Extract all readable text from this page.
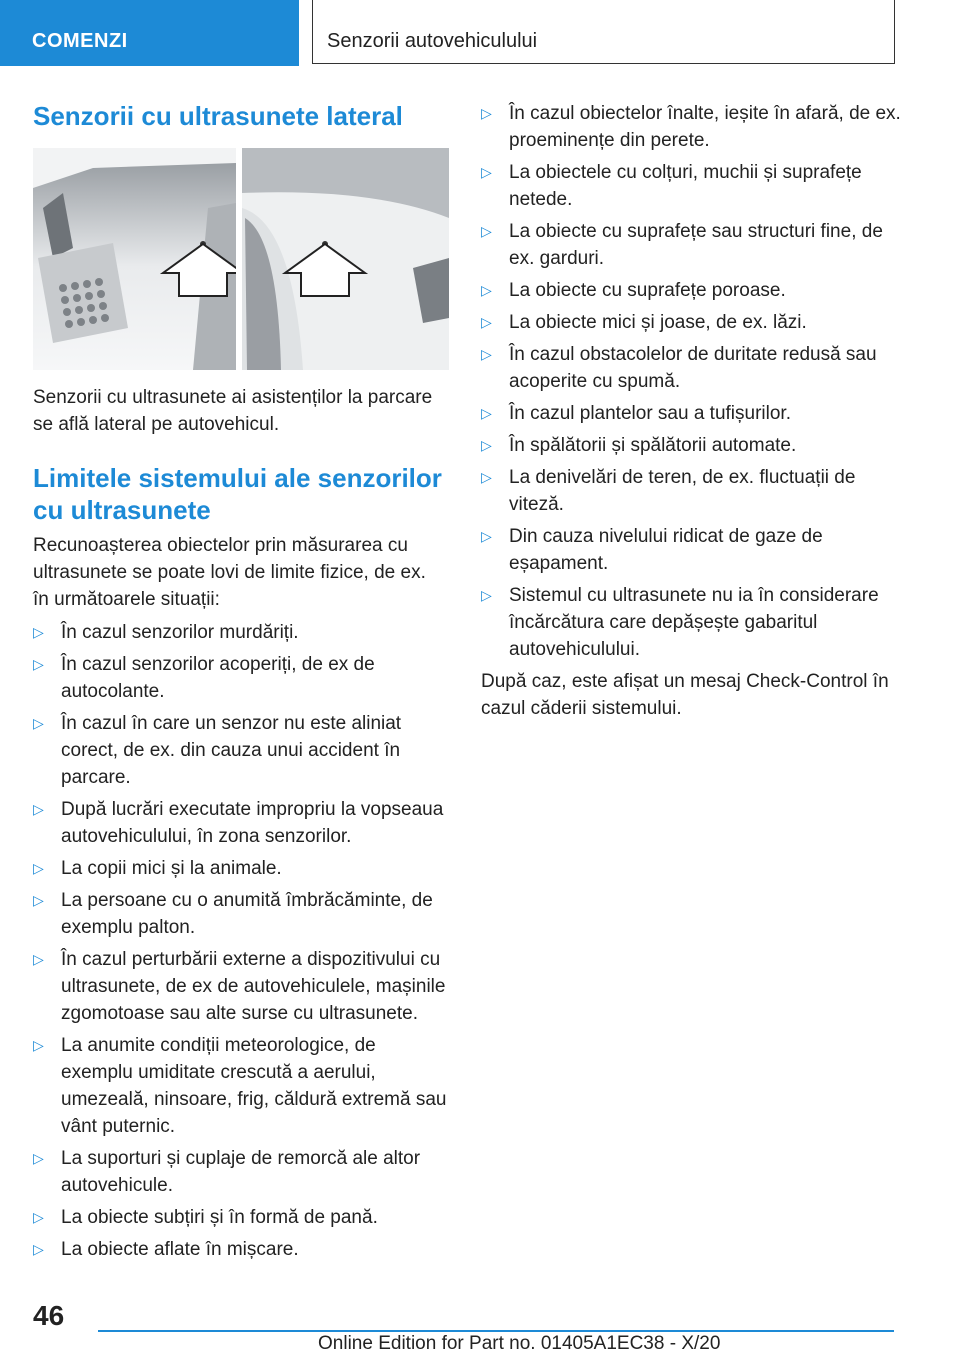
COMENZI	Senzorii autovehiculului
Senzorii cu ultrasunete lateral

Senzorii cu ultrasunete ai asistenților la parcare se află lateral pe autovehicul.

Limitele sistemului ale senzorilor cu ultrasunete

Recunoașterea obiectelor prin măsurarea cu ultrasunete se poate lovi de limite fizice, de ex. în următoarele situații:

▷ În cazul senzorilor murdăriți.
▷ În cazul senzorilor acoperiți, de ex de autocolante.
▷ În cazul în care un senzor nu este aliniat corect, de ex. din cauza unui accident în parcare.
▷ După lucrări executate impropriu la vopseaua autovehiculului, în zona senzorilor.
▷ La copii mici și la animale.
▷ La persoane cu o anumită îmbrăcăminte, de exemplu palton.
▷ În cazul perturbării externe a dispozitivului cu ultrasunete, de ex de autovehiculele, mașinile zgomotoase sau alte surse cu ultrasunete.
▷ La anumite condiții meteorologice, de exemplu umiditate crescută a aerului, umezeală, ninsoare, frig, căldură extremă sau vânt puternic.
▷ La suporturi și cuplaje de remorcă ale altor autovehicule.
▷ La obiecte subțiri și în formă de pană.
▷ La obiecte aflate în mișcare.
▷ În cazul obiectelor înalte, ieșite în afară, de ex. proeminențe din perete.
▷ La obiectele cu colțuri, muchii și suprafețe netede.
▷ La obiecte cu suprafețe sau structuri fine, de ex. garduri.
▷ La obiecte cu suprafețe poroase.
▷ La obiecte mici și joase, de ex. lăzi.
▷ În cazul obstacolelor de duritate redusă sau acoperite cu spumă.
▷ În cazul plantelor sau a tufișurilor.
▷ În spălătorii și spălătorii automate.
▷ La denivelări de teren, de ex. fluctuații de viteză.
▷ Din cauza nivelului ridicat de gaze de eșapament.
▷ Sistemul cu ultrasunete nu ia în considerare încărcătura care depășește gabaritul autovehiculului.

După caz, este afișat un mesaj Check-Control în cazul căderii sistemului.

46
Online Edition for Part no. 01405A1EC38 - X/20
